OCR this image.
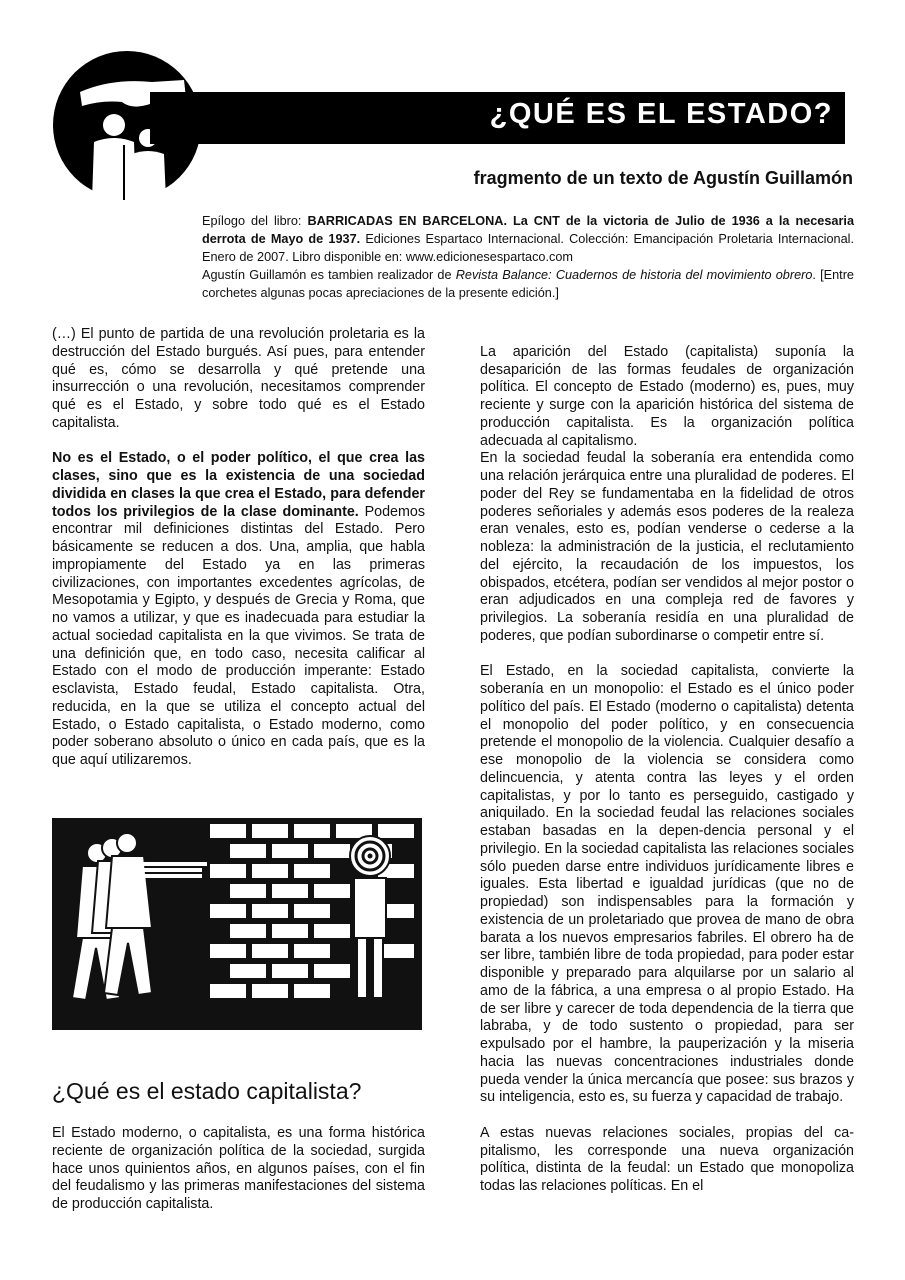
¿QUÉ ES EL ESTADO?
fragmento de un texto de Agustín Guillamón

Epílogo del libro: BARRICADAS EN BARCELONA. La CNT de la victoria de Julio de 1936 a la necesaria derrota de Mayo de 1937. Ediciones Espartaco Internacional. Colección: Emancipación Proletaria Internacional. Enero de 2007. Libro disponible en: www.edicionesespartaco.com

Agustín Guillamón es tambien realizador de Revista Balance: Cuadernos de historia del movimiento obrero. [Entre corchetes algunas pocas apreciaciones de la presente edición.]

(…) El punto de partida de una revolución proletaria es la destrucción del Estado burgués. Así pues, para entender qué es, cómo se desarrolla y qué pretende una insurrección o una revolución, necesitamos comprender qué es el Estado, y sobre todo qué es el Estado capitalista.

No es el Estado, o el poder político, el que crea las clases, sino que es la existencia de una sociedad dividida en clases la que crea el Estado, para defender todos los privilegios de la clase dominante. Podemos encontrar mil definiciones distintas del Estado. Pero básicamente se reducen a dos. Una, amplia, que habla impropiamente del Estado ya en las primeras civilizaciones, con importantes excedentes agrícolas, de Mesopotamia y Egipto, y después de Grecia y Roma, que no vamos a utilizar, y que es inadecuada para estudiar la actual sociedad capitalista en la que vivimos. Se trata de una definición que, en todo caso, necesita calificar al Estado con el modo de producción imperante: Estado esclavista, Estado feudal, Estado capitalista. Otra, reducida, en la que se utiliza el concepto actual del Estado, o Estado capitalista, o Estado moderno, como poder soberano absoluto o único en cada país, que es la que aquí utilizaremos.

¿Qué es el estado capitalista?

El Estado moderno, o capitalista, es una forma histórica reciente de organización política de la sociedad, surgida hace unos quinientos años, en algunos países, con el fin del feudalismo y las primeras manifestaciones del sistema de producción capitalista.

La aparición del Estado (capitalista) suponía la desaparición de las formas feudales de organización política. El concepto de Estado (moderno) es, pues, muy reciente y surge con la aparición histórica del sistema de producción capitalista. Es la organización política adecuada al capitalismo.

En la sociedad feudal la soberanía era entendida como una relación jerárquica entre una pluralidad de poderes. El poder del Rey se fundamentaba en la fidelidad de otros poderes señoriales y además esos poderes de la realeza eran venales, esto es, podían venderse o cederse a la nobleza: la administración de la justicia, el reclutamiento del ejército, la recaudación de los impuestos, los obispados, etcétera, podían ser vendidos al mejor postor o eran adjudicados en una compleja red de favores y privilegios. La soberanía residía en una pluralidad de poderes, que podían subordinarse o competir entre sí.

El Estado, en la sociedad capitalista, convierte la soberanía en un monopolio: el Estado es el único poder político del país. El Estado (moderno o capitalista) detenta el monopolio del poder político, y en consecuencia pretende el monopolio de la violencia. Cualquier desafío a ese monopolio de la violencia se considera como delincuencia, y atenta contra las leyes y el orden capitalistas, y por lo tanto es perseguido, castigado y aniquilado. En la sociedad feudal las relaciones sociales estaban basadas en la depen-dencia personal y el privilegio. En la sociedad capitalista las relaciones sociales sólo pueden darse entre individuos jurídicamente libres e iguales. Esta libertad e igualdad jurídicas (que no de propiedad) son indispensables para la formación y existencia de un proletariado que provea de mano de obra barata a los nuevos empresarios fabriles. El obrero ha de ser libre, también libre de toda propiedad, para poder estar disponible y preparado para alquilarse por un salario al amo de la fábrica, a una empresa o al propio Estado. Ha de ser libre y carecer de toda dependencia de la tierra que labraba, y de todo sustento o propiedad, para ser expulsado por el hambre, la pauperización y la miseria hacia las nuevas concentraciones industriales donde pueda vender la única mercancía que posee: sus brazos y su inteligencia, esto es, su fuerza y capacidad de trabajo.

A estas nuevas relaciones sociales, propias del ca-pitalismo, les corresponde una nueva organización política, distinta de la feudal: un Estado que monopoliza todas las relaciones políticas. En el
